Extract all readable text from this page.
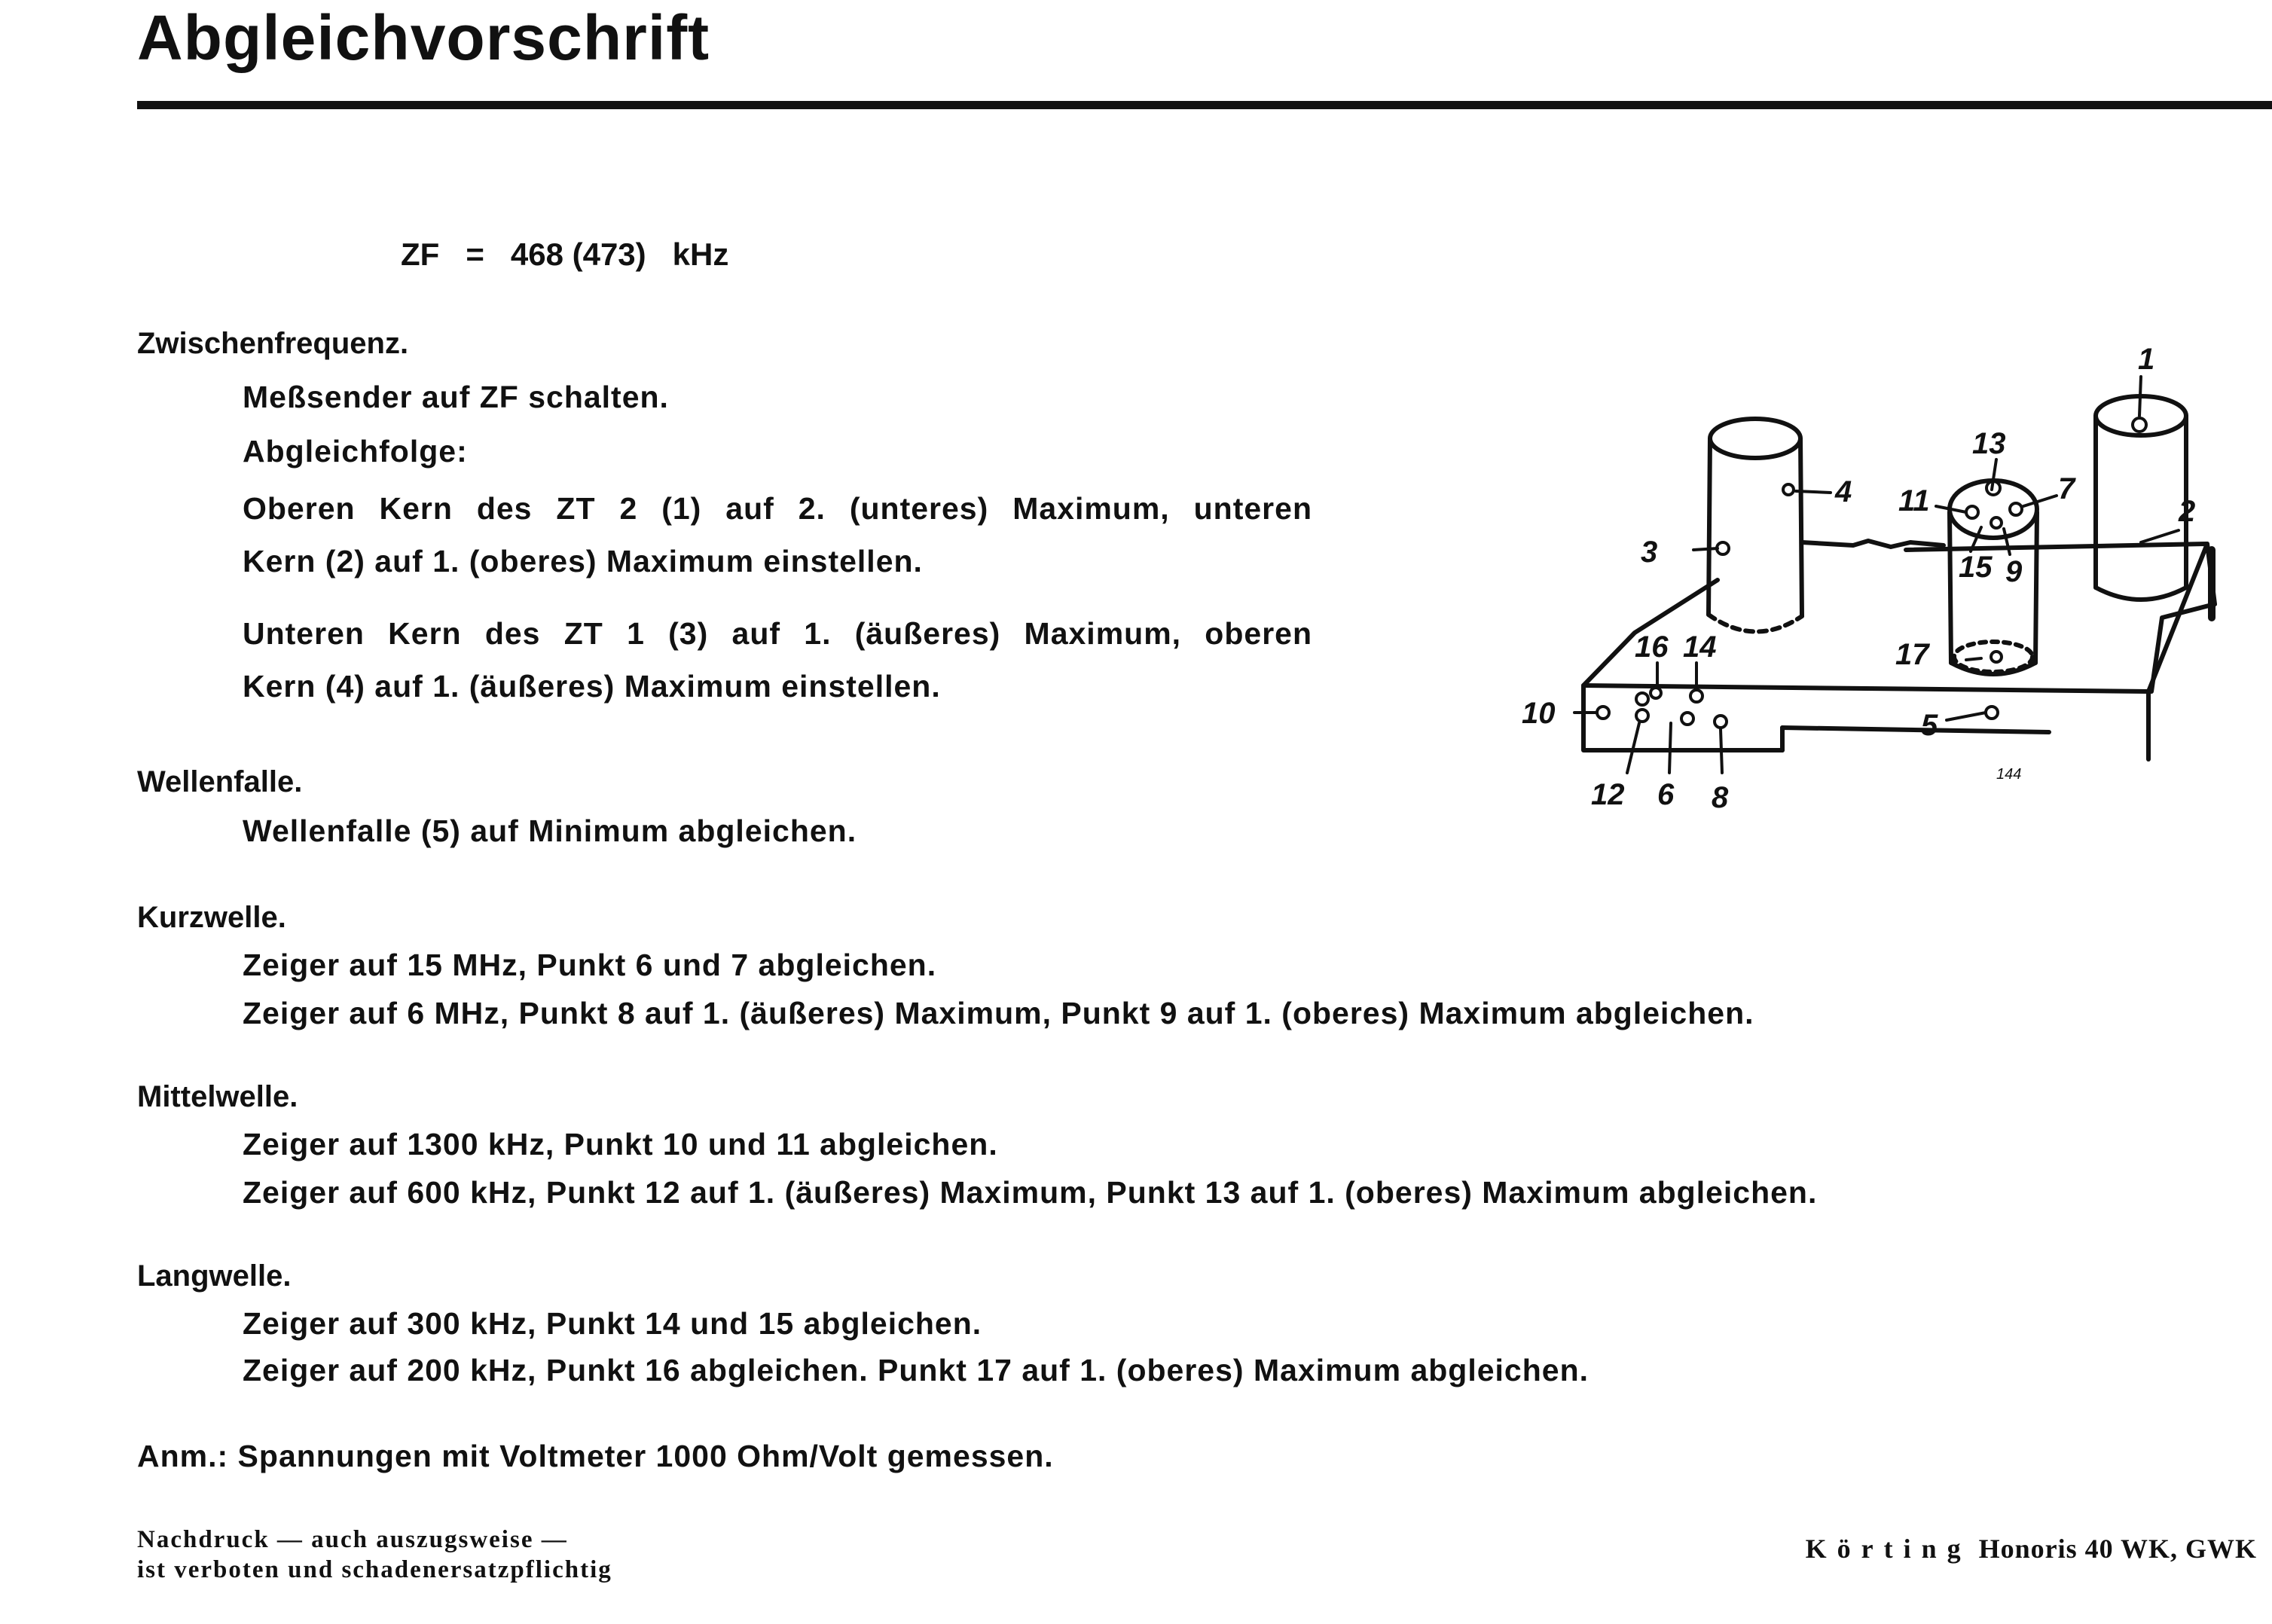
Abgleichvorschrift
ZF   =   468 (473)   kHz
Zwischenfrequenz.
Meßsender auf ZF schalten.
Abgleichfolge:
Oberen Kern des ZT 2 (1) auf 2. (unteres) Maximum, unteren
Kern (2) auf 1. (oberes) Maximum einstellen.
Unteren Kern des ZT 1 (3) auf 1. (äußeres) Maximum, oberen
Kern (4) auf 1. (äußeres) Maximum einstellen.
Wellenfalle.
Wellenfalle (5) auf Minimum abgleichen.
Kurzwelle.
Zeiger auf 15 MHz, Punkt 6 und 7 abgleichen.
Zeiger auf 6 MHz, Punkt 8 auf 1. (äußeres) Maximum, Punkt 9 auf 1. (oberes) Maximum abgleichen.
Mittelwelle.
Zeiger auf 1300 kHz, Punkt 10 und 11 abgleichen.
Zeiger auf 600 kHz, Punkt 12 auf 1. (äußeres) Maximum, Punkt 13 auf 1. (oberes) Maximum abgleichen.
Langwelle.
Zeiger auf 300 kHz, Punkt 14 und 15 abgleichen.
Zeiger auf 200 kHz, Punkt 16 abgleichen. Punkt 17 auf 1. (oberes) Maximum abgleichen.
Anm.: Spannungen mit Voltmeter 1000 Ohm/Volt gemessen.
Nachdruck — auch auszugsweise —
ist verboten und schadenersatzpflichtig
Körting Honoris 40 WK, GWK
1
2
3
4
5
6
7
8
9
10
11
12
13
14
15
16	17
144
